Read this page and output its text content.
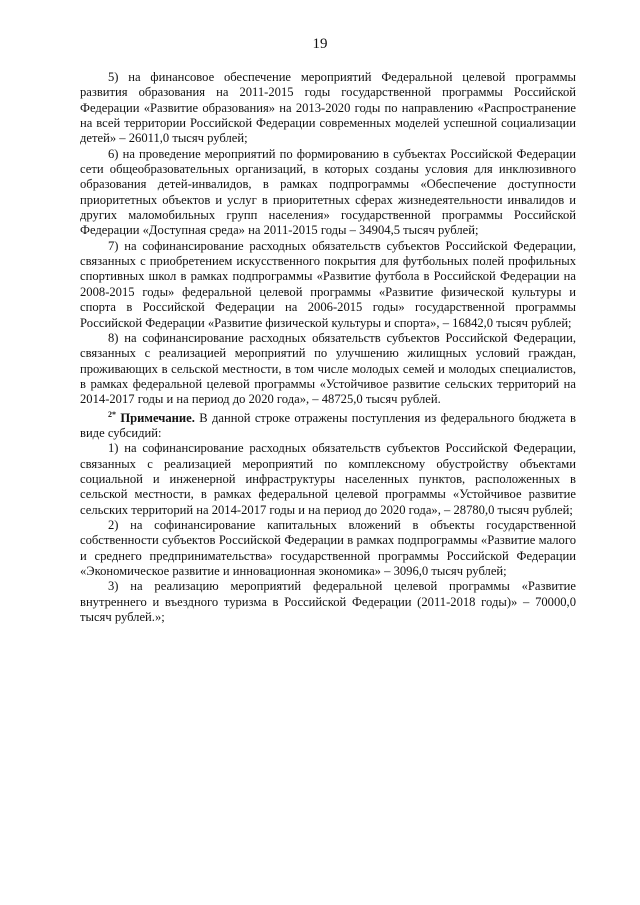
19

5) на финансовое обеспечение мероприятий Федеральной целевой программы развития образования на 2011-2015 годы государственной программы Российской Федерации «Развитие образования» на 2013-2020 годы по направлению «Распространение на всей территории Российской Федерации современных моделей успешной социализации детей» – 26011,0 тысяч рублей;

6) на проведение мероприятий по формированию в субъектах Российской Федерации сети общеобразовательных организаций, в которых созданы условия для инклюзивного образования детей-инвалидов, в рамках подпрограммы «Обеспечение доступности приоритетных объектов и услуг в приоритетных сферах жизнедеятельности инвалидов и других маломобильных групп населения» государственной программы Российской Федерации «Доступная среда» на 2011-2015 годы – 34904,5 тысяч рублей;

7) на софинансирование расходных обязательств субъектов Российской Федерации, связанных с приобретением искусственного покрытия для футбольных полей профильных спортивных школ в рамках подпрограммы «Развитие футбола в Российской Федерации на 2008-2015 годы» федеральной целевой программы «Развитие физической культуры и спорта в Российской Федерации на 2006-2015 годы» государственной программы Российской Федерации «Развитие физической культуры и спорта», – 16842,0 тысяч рублей;

8) на софинансирование расходных обязательств субъектов Российской Федерации, связанных с реализацией мероприятий по улучшению жилищных условий граждан, проживающих в сельской местности, в том числе молодых семей и молодых специалистов, в рамках федеральной целевой программы «Устойчивое развитие сельских территорий на 2014-2017 годы и на период до 2020 года», – 48725,0 тысяч рублей.

$^{2*}$ Примечание. В данной строке отражены поступления из федерального бюджета в виде субсидий:

1) на софинансирование расходных обязательств субъектов Российской Федерации, связанных с реализацией мероприятий по комплексному обустройству объектами социальной и инженерной инфраструктуры населенных пунктов, расположенных в сельской местности, в рамках федеральной целевой программы «Устойчивое развитие сельских территорий на 2014-2017 годы и на период до 2020 года», – 28780,0 тысяч рублей;

2) на софинансирование капитальных вложений в объекты государственной собственности субъектов Российской Федерации в рамках подпрограммы «Развитие малого и среднего предпринимательства» государственной программы Российской Федерации «Экономическое развитие и инновационная экономика» – 3096,0 тысяч рублей;

3) на реализацию мероприятий федеральной целевой программы «Развитие внутреннего и въездного туризма в Российской Федерации (2011-2018 годы)» – 70000,0 тысяч рублей.»;
